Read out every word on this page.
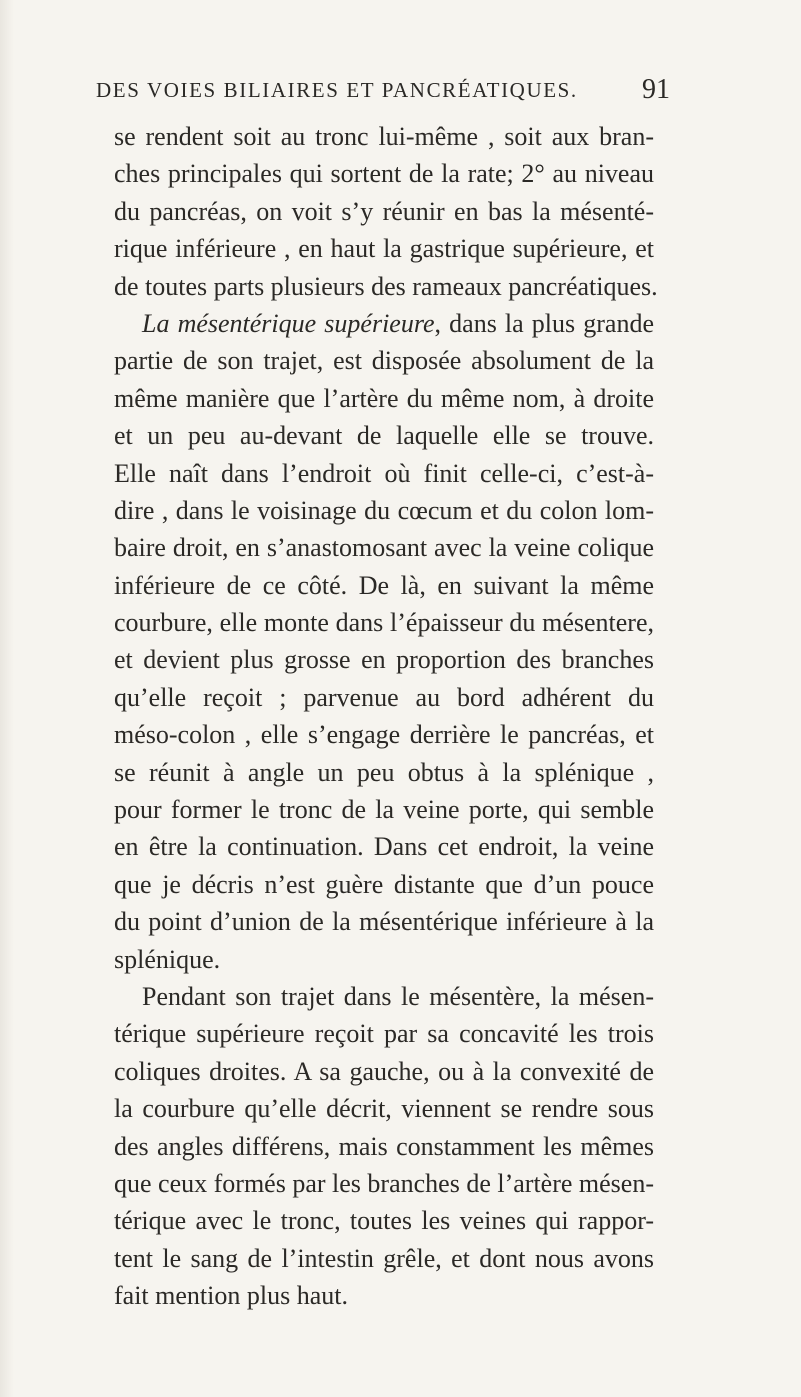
DES VOIES BILIAIRES ET PANCRÉATIQUES. 91
se rendent soit au tronc lui-même , soit aux bran-
ches principales qui sortent de la rate; 2° au niveau
du pancréas, on voit s’y réunir en bas la mésenté-
rique inférieure , en haut la gastrique supérieure, et
de toutes parts plusieurs des rameaux pancréatiques.
La mésentérique supérieure, dans la plus grande
partie de son trajet, est disposée absolument de la
même manière que l’artère du même nom, à droite
et un peu au-devant de laquelle elle se trouve.
Elle naît dans l’endroit où finit celle-ci, c’est-à-
dire , dans le voisinage du cœcum et du colon lom-
baire droit, en s’anastomosant avec la veine colique
inférieure de ce côté. De là, en suivant la même
courbure, elle monte dans l’épaisseur du mésentere,
et devient plus grosse en proportion des branches
qu’elle reçoit ; parvenue au bord adhérent du
méso-colon , elle s’engage derrière le pancréas, et
se réunit à angle un peu obtus à la splénique ,
pour former le tronc de la veine porte, qui semble
en être la continuation. Dans cet endroit, la veine
que je décris n’est guère distante que d’un pouce
du point d’union de la mésentérique inférieure à la
splénique.
Pendant son trajet dans le mésentère, la mésen-
térique supérieure reçoit par sa concavité les trois
coliques droites. A sa gauche, ou à la convexité de
la courbure qu’elle décrit, viennent se rendre sous
des angles différens, mais constamment les mêmes
que ceux formés par les branches de l’artère mésen-
térique avec le tronc, toutes les veines qui rappor-
tent le sang de l’intestin grêle, et dont nous avons
fait mention plus haut.
